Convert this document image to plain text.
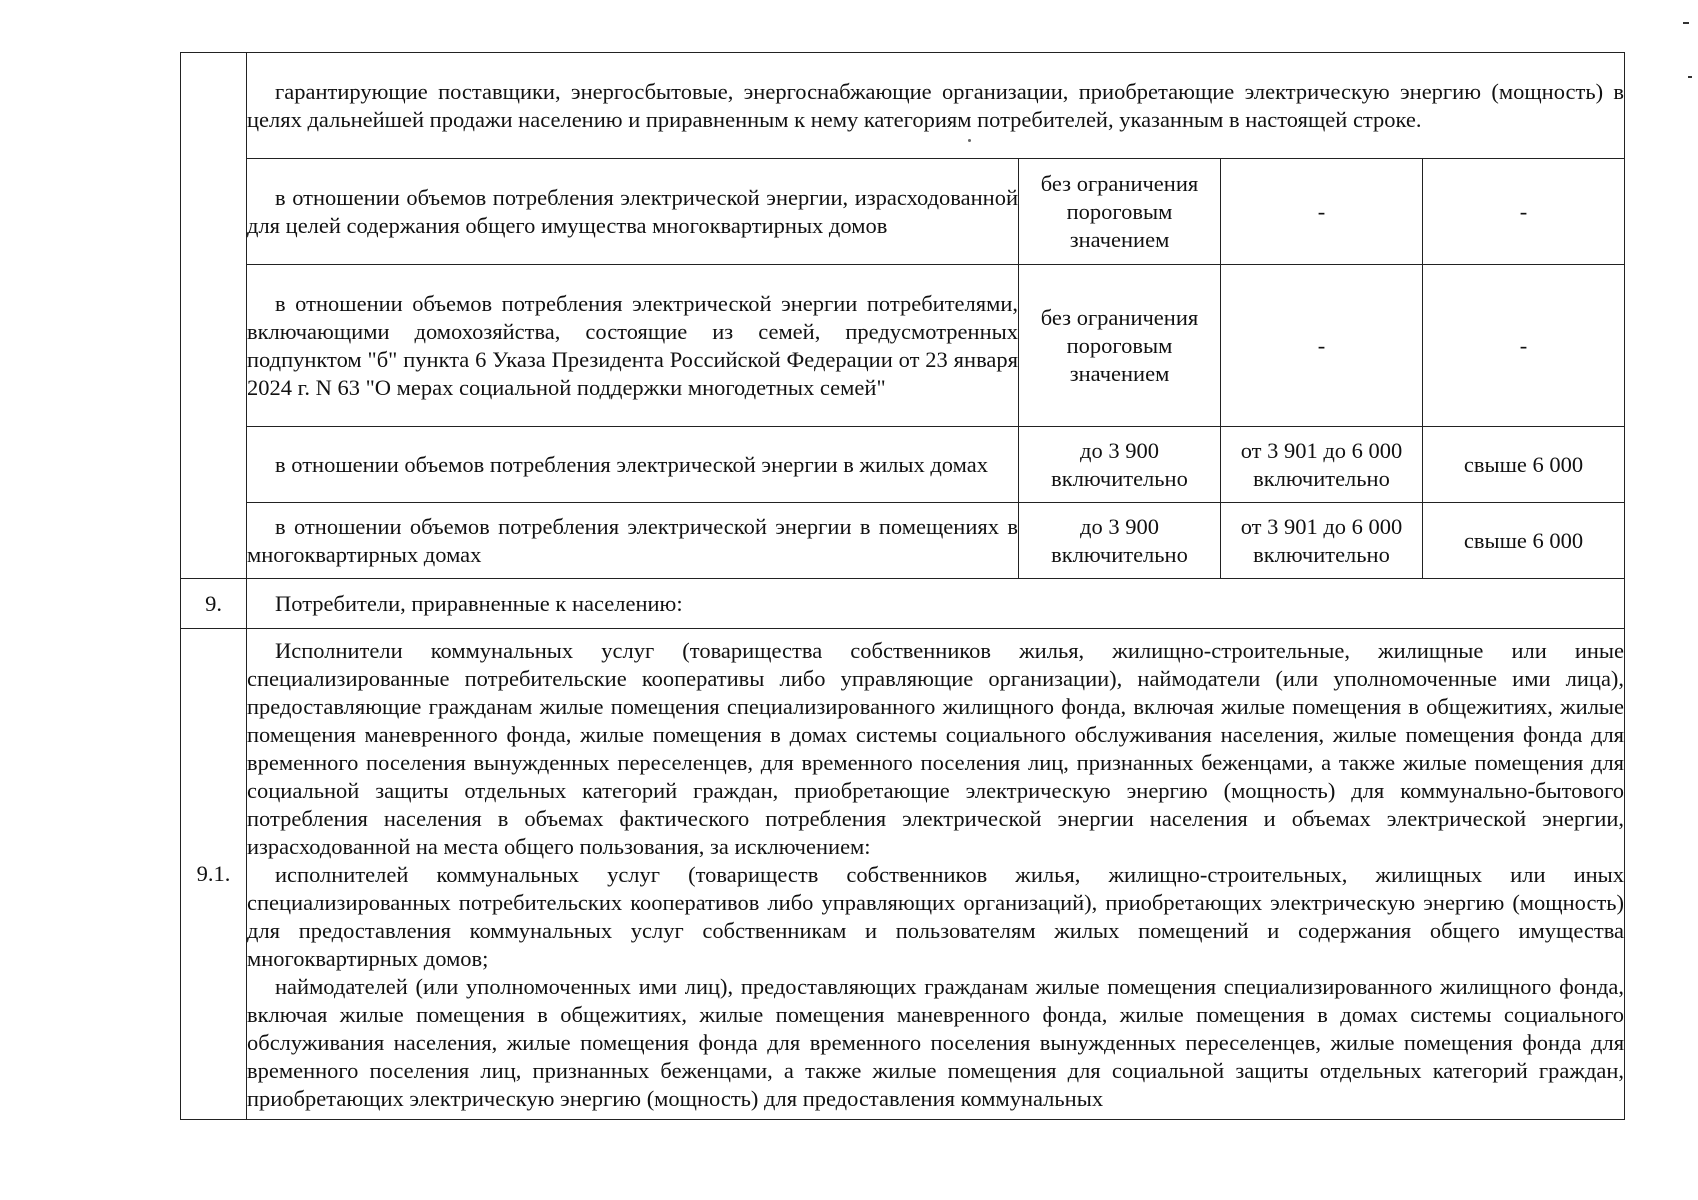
	гарантирующие поставщики, энергосбытовые, энергоснабжающие организации, приобретающие электрическую энергию (мощность) в целях дальнейшей продажи населению и приравненным к нему категориям потребителей, указанным в настоящей строке.			

	в отношении объемов потребления электрической энергии, израсходованной для целей содержания общего имущества многоквартирных домов	без ограничения пороговым значением	-	-

	в отношении объемов потребления электрической энергии потребителями, включающими домохозяйства, состоящие из семей, предусмотренных подпунктом "б" пункта 6 Указа Президента Российской Федерации от 23 января 2024 г. N 63 "О мерах социальной поддержки многодетных семей"	без ограничения пороговым значением	-	-

	в отношении объемов потребления электрической энергии в жилых домах	до 3 900 включительно	от 3 901 до 6 000 включительно	свыше 6 000

	в отношении объемов потребления электрической энергии в помещениях в многоквартирных домах	до 3 900 включительно	от 3 901 до 6 000 включительно	свыше 6 000
9.	Потребители, приравненные к населению:			

9.1.	Исполнители коммунальных услуг (товарищества собственников жилья, жилищно-строительные, жилищные или иные специализированные потребительские кооперативы либо управляющие организации), наймодатели (или уполномоченные ими лица), предоставляющие гражданам жилые помещения специализированного жилищного фонда, включая жилые помещения в общежитиях, жилые помещения маневренного фонда, жилые помещения в домах системы социального обслуживания населения, жилые помещения фонда для временного поселения вынужденных переселенцев, для временного поселения лиц, признанных беженцами, а также жилые помещения для социальной защиты отдельных категорий граждан, приобретающие электрическую энергию (мощность) для коммунально-бытового потребления населения в объемах фактического потребления электрической энергии населения и объемах электрической энергии, израсходованной на места общего пользования, за исключением:

исполнителей коммунальных услуг (товариществ собственников жилья, жилищно-строительных, жилищных или иных специализированных потребительских кооперативов либо управляющих организаций), приобретающих электрическую энергию (мощность) для предоставления коммунальных услуг собственникам и пользователям жилых помещений и содержания общего имущества многоквартирных домов;

наймодателей (или уполномоченных ими лиц), предоставляющих гражданам жилые помещения специализированного жилищного фонда, включая жилые помещения в общежитиях, жилые помещения маневренного фонда, жилые помещения в домах системы социального обслуживания населения, жилые помещения фонда для временного поселения вынужденных переселенцев, жилые помещения фонда для временного поселения лиц, признанных беженцами, а также жилые помещения для социальной защиты отдельных категорий граждан, приобретающих электрическую энергию (мощность) для предоставления коммунальных			
